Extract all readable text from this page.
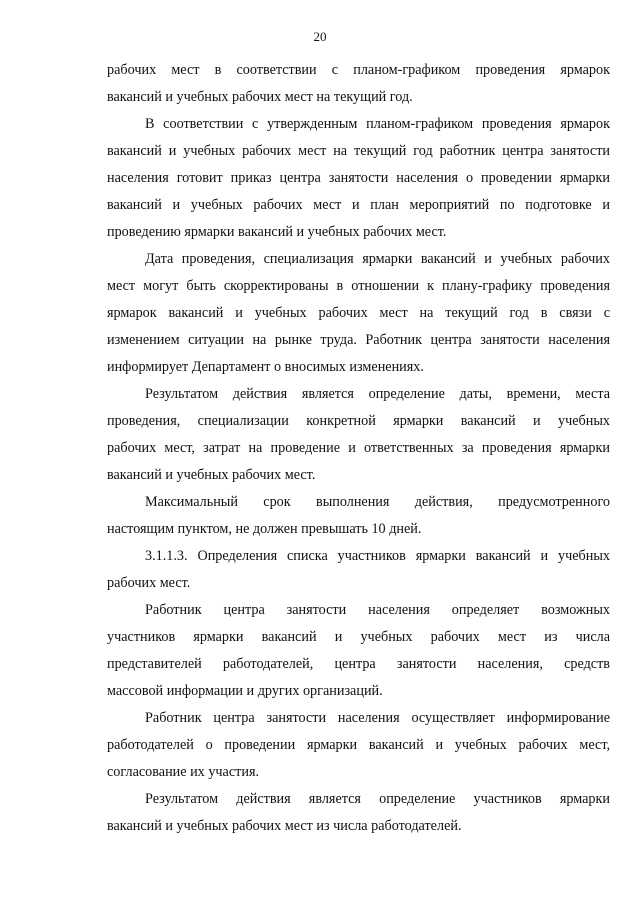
20

рабочих мест в соответствии с планом-графиком проведения ярмарок
вакансий и учебных рабочих мест на текущий год.

В соответствии с утвержденным планом-графиком проведения ярмарок
вакансий и учебных рабочих мест на текущий год работник центра занятости
населения готовит приказ центра занятости населения о проведении ярмарки
вакансий и учебных рабочих мест и план мероприятий по подготовке и
проведению ярмарки вакансий и учебных рабочих мест.

Дата проведения, специализация ярмарки вакансий и учебных рабочих
мест могут быть скорректированы в отношении к плану-графику проведения
ярмарок вакансий и учебных рабочих мест на текущий год в связи с
изменением ситуации на рынке труда. Работник центра занятости населения
информирует Департамент о вносимых изменениях.

Результатом действия является определение даты, времени, места
проведения, специализации конкретной ярмарки вакансий и учебных
рабочих мест, затрат на проведение и ответственных за проведения ярмарки
вакансий и учебных рабочих мест.

Максимальный срок выполнения действия, предусмотренного
настоящим пунктом, не должен превышать 10 дней.

3.1.1.3. Определения списка участников ярмарки вакансий и учебных
рабочих мест.

Работник центра занятости населения определяет возможных
участников ярмарки вакансий и учебных рабочих мест из числа
представителей работодателей, центра занятости населения, средств
массовой информации и других организаций.

Работник центра занятости населения осуществляет информирование
работодателей о проведении ярмарки вакансий и учебных рабочих мест,
согласование их участия.

Результатом действия является определение участников ярмарки
вакансий и учебных рабочих мест из числа работодателей.
